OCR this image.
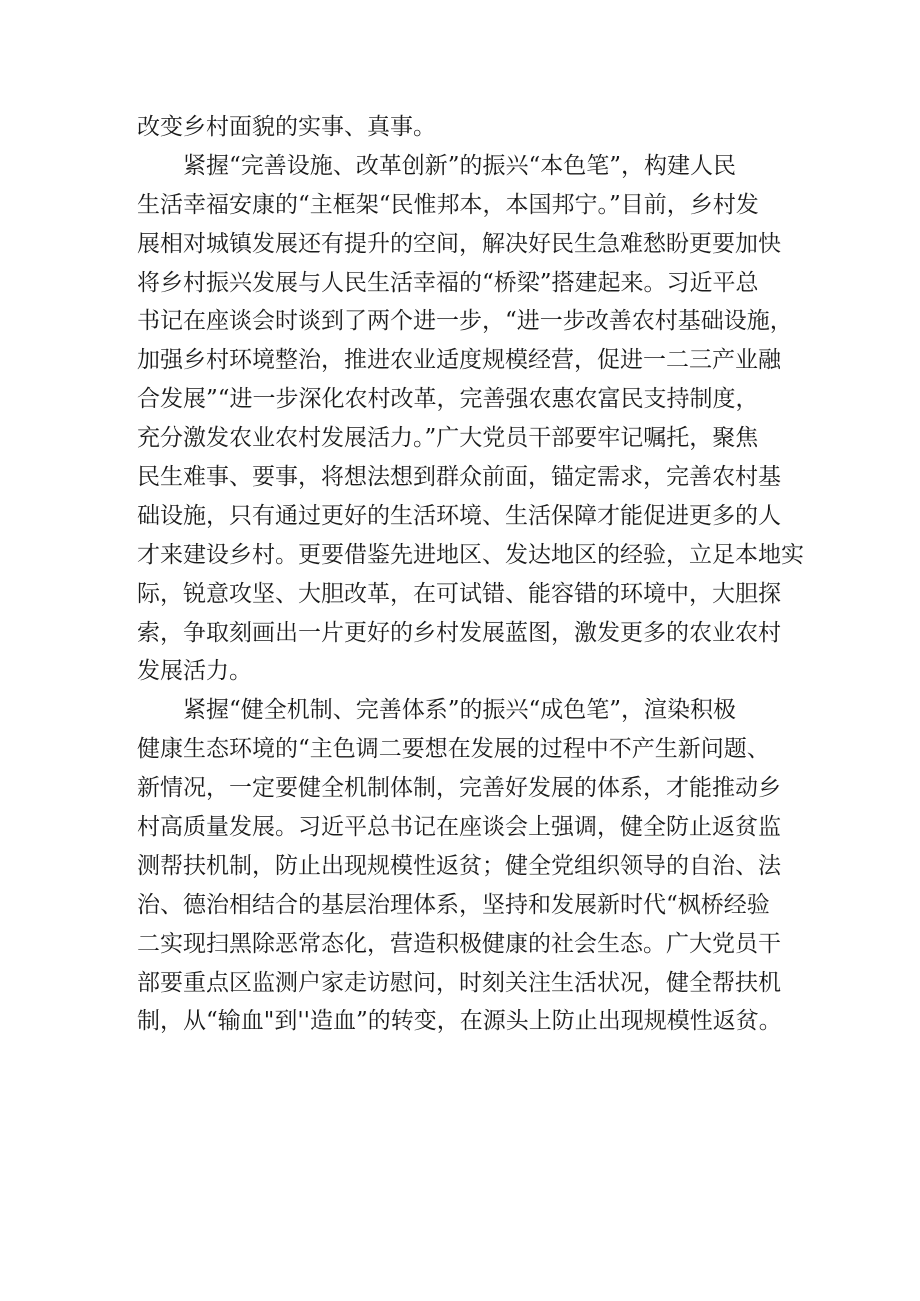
改变乡村面貌的实事、真事。
紧握“完善设施、改革创新”的振兴“本色笔”，构建人民
生活幸福安康的“主框架“民惟邦本，本国邦宁。”目前，乡村发
展相对城镇发展还有提升的空间，解决好民生急难愁盼更要加快
将乡村振兴发展与人民生活幸福的“桥梁”搭建起来。习近平总
书记在座谈会时谈到了两个进一步，“进一步改善农村基础设施，
加强乡村环境整治，推进农业适度规模经营，促进一二三产业融
合发展”“进一步深化农村改革，完善强农惠农富民支持制度，
充分激发农业农村发展活力。”广大党员干部要牢记嘱托，聚焦
民生难事、要事，将想法想到群众前面，锚定需求，完善农村基
础设施，只有通过更好的生活环境、生活保障才能促进更多的人
才来建设乡村。更要借鉴先进地区、发达地区的经验，立足本地实
际，锐意攻坚、大胆改革，在可试错、能容错的环境中，大胆探
索，争取刻画出一片更好的乡村发展蓝图，激发更多的农业农村
发展活力。
紧握“健全机制、完善体系”的振兴“成色笔”，渲染积极
健康生态环境的“主色调二要想在发展的过程中不产生新问题、
新情况，一定要健全机制体制，完善好发展的体系，才能推动乡
村高质量发展。习近平总书记在座谈会上强调，健全防止返贫监
测帮扶机制，防止出现规模性返贫；健全党组织领导的自治、法
治、德治相结合的基层治理体系，坚持和发展新时代“枫桥经验
二实现扫黑除恶常态化，营造积极健康的社会生态。广大党员干
部要重点区监测户家走访慰问，时刻关注生活状况，健全帮扶机
制，从“输血"到''造血”的转变，在源头上防止出现规模性返贫。
